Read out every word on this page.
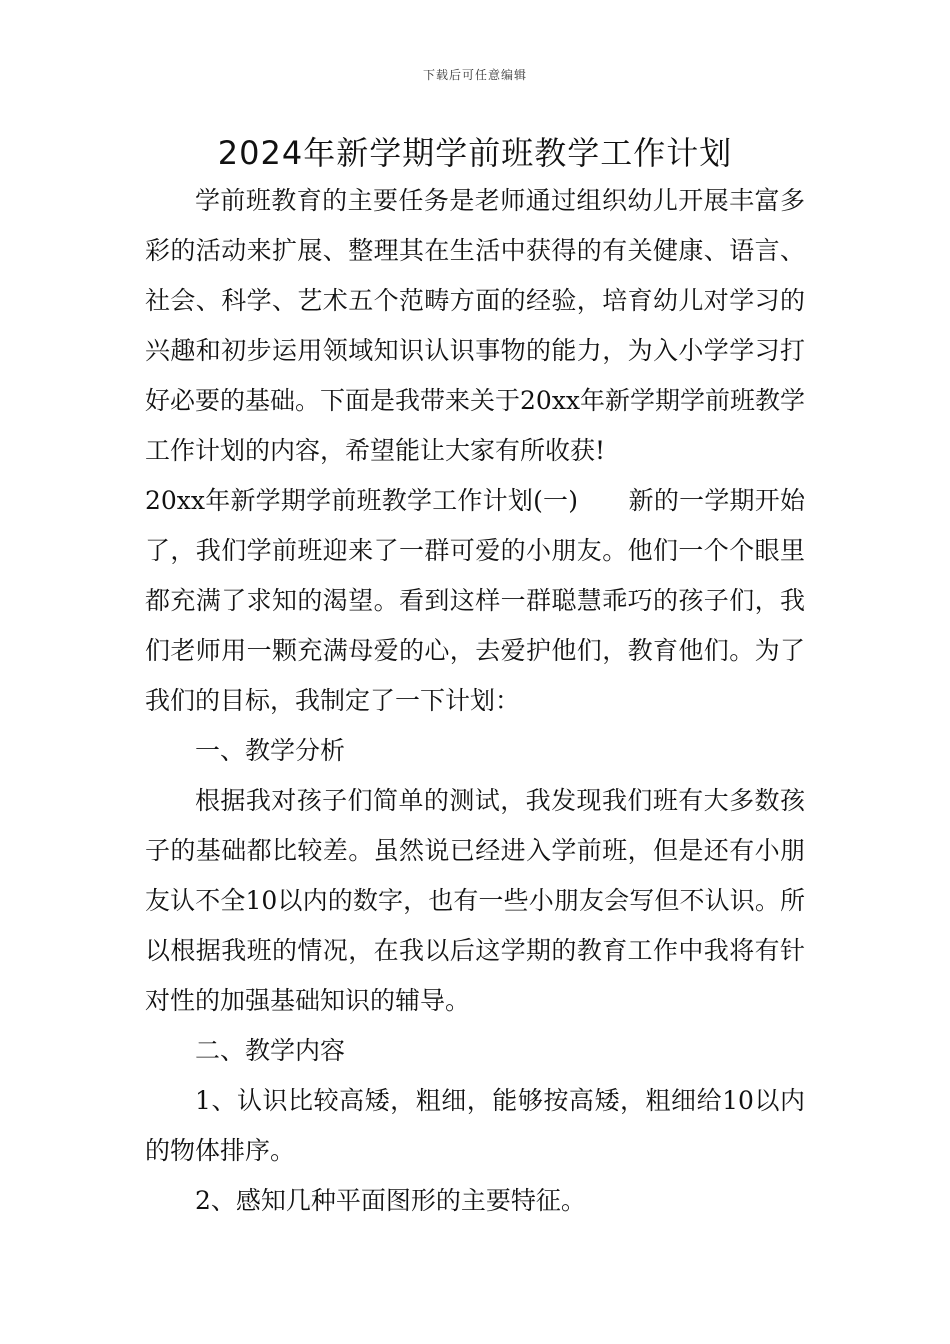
下载后可任意编辑
2024年新学期学前班教学工作计划

学前班教育的主要任务是老师通过组织幼儿开展丰富多彩的活动来扩展、整理其在生活中获得的有关健康、语言、社会、科学、艺术五个范畴方面的经验，培育幼儿对学习的兴趣和初步运用领域知识认识事物的能力，为入小学学习打好必要的基础。下面是我带来关于20xx年新学期学前班教学工作计划的内容，希望能让大家有所收获!

20xx年新学期学前班教学工作计划(一)　　新的一学期开始了，我们学前班迎来了一群可爱的小朋友。他们一个个眼里都充满了求知的渴望。看到这样一群聪慧乖巧的孩子们，我们老师用一颗充满母爱的心，去爱护他们，教育他们。为了我们的目标，我制定了一下计划：

一、教学分析

根据我对孩子们简单的测试，我发现我们班有大多数孩子的基础都比较差。虽然说已经进入学前班，但是还有小朋友认不全10以内的数字，也有一些小朋友会写但不认识。所以根据我班的情况，在我以后这学期的教育工作中我将有针对性的加强基础知识的辅导。

二、教学内容

1、认识比较高矮，粗细，能够按高矮，粗细给10以内的物体排序。

2、感知几种平面图形的主要特征。
